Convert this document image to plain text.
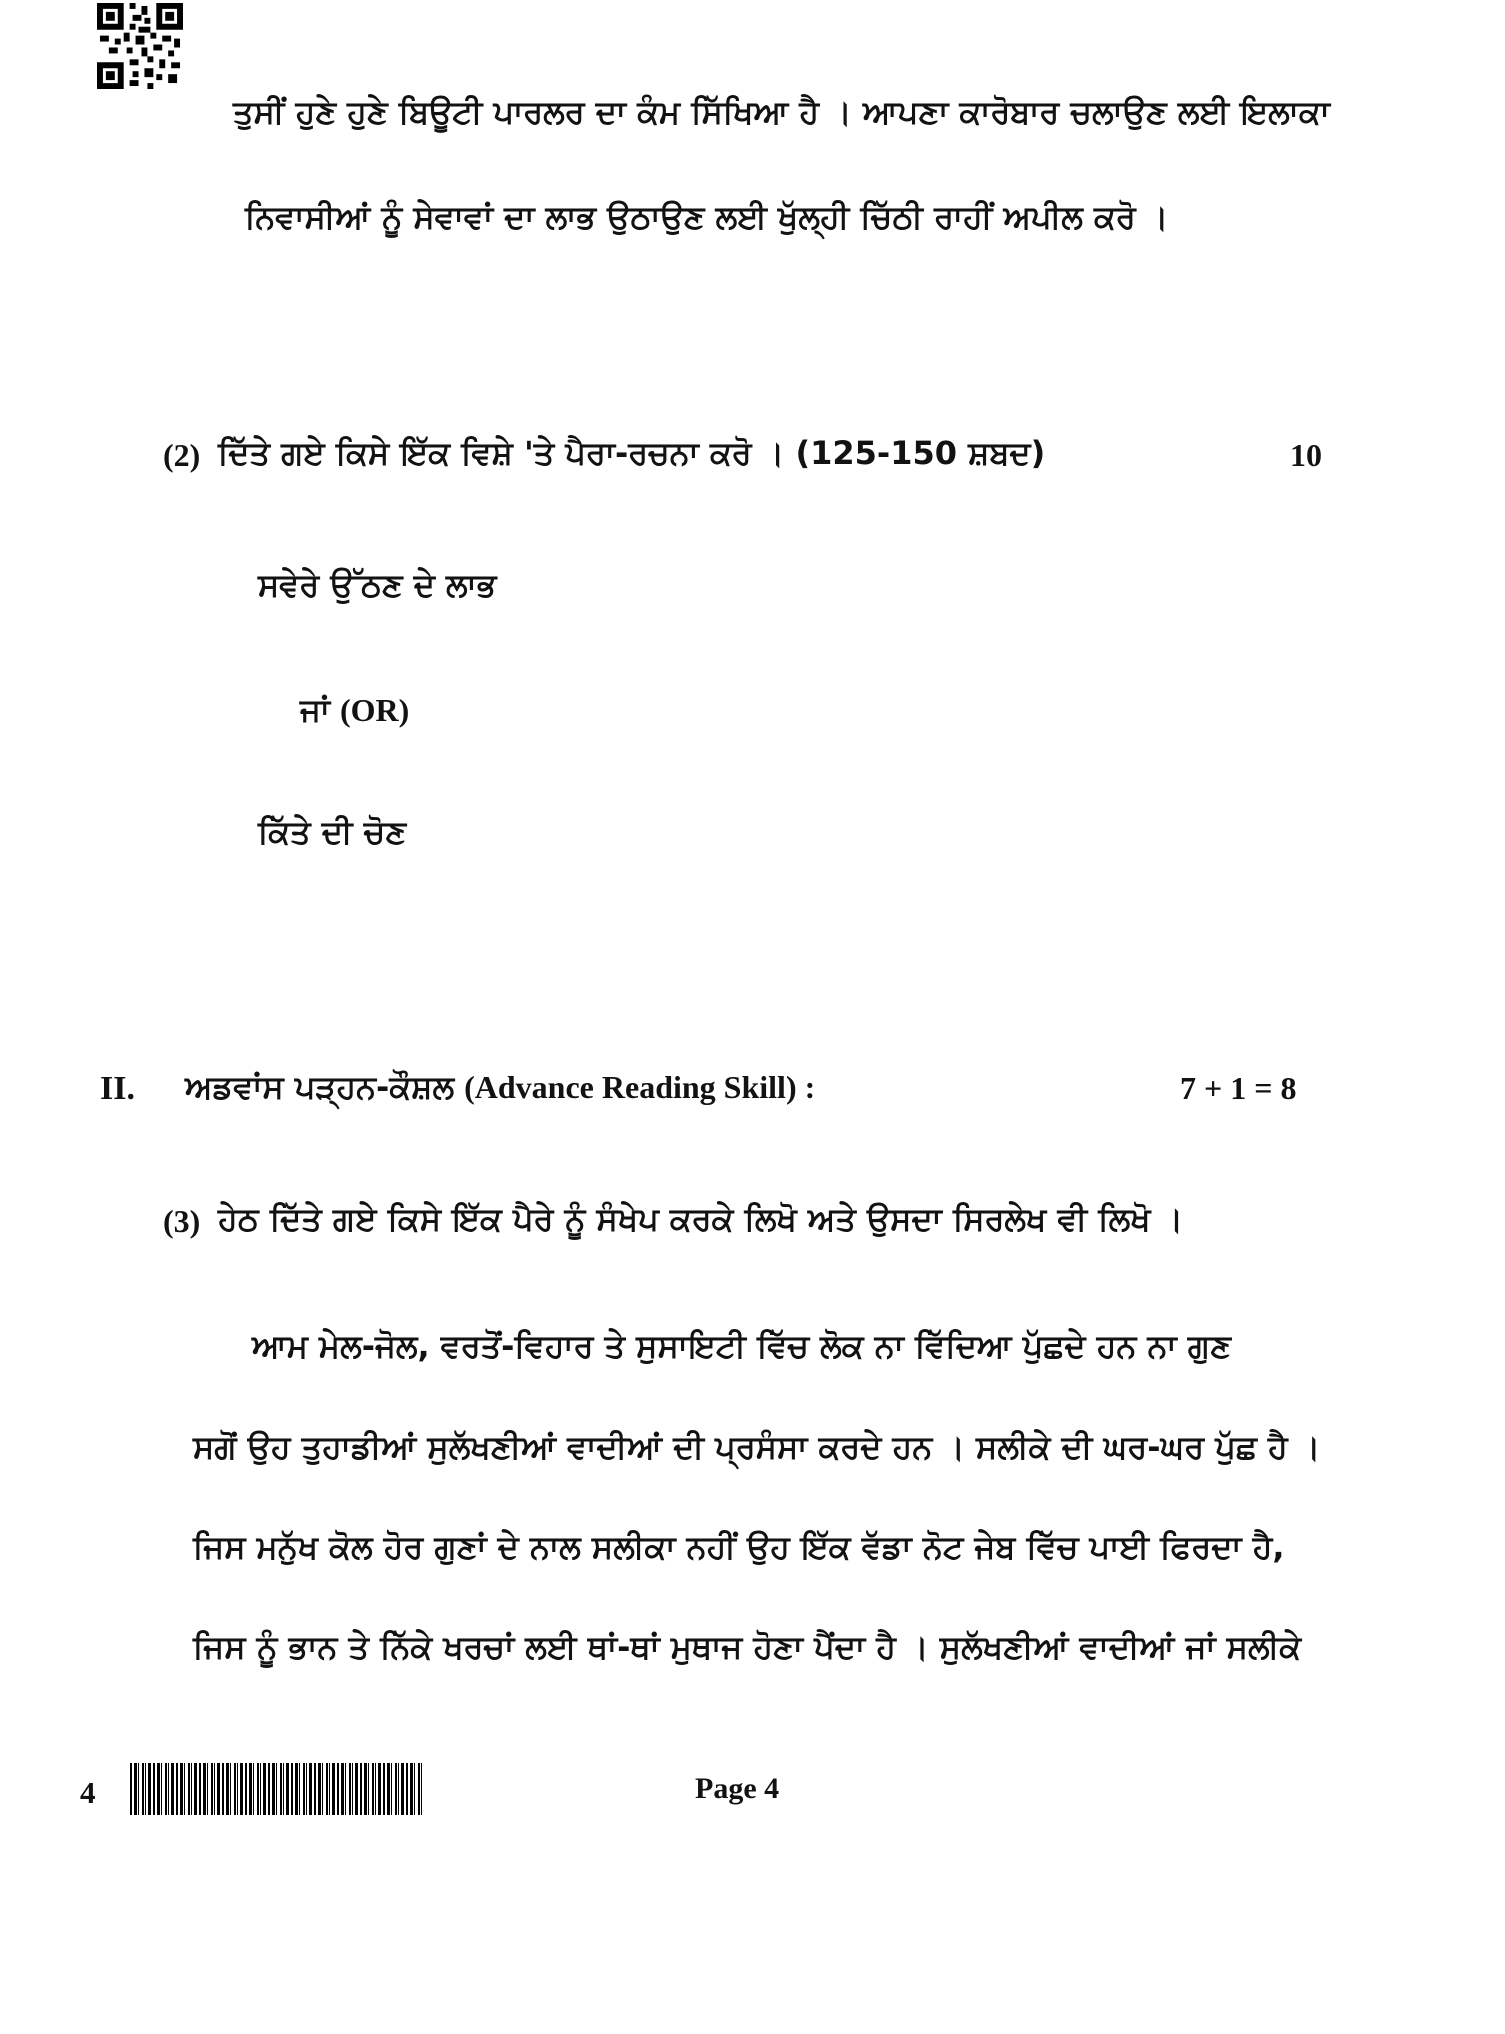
ਤੁਸੀਂ ਹੁਣੇ ਹੁਣੇ ਬਿਊਟੀ ਪਾਰਲਰ ਦਾ ਕੰਮ ਸਿੱਖਿਆ ਹੈ । ਆਪਣਾ ਕਾਰੋਬਾਰ ਚਲਾਉਣ ਲਈ ਇਲਾਕਾ
ਨਿਵਾਸੀਆਂ ਨੂੰ ਸੇਵਾਵਾਂ ਦਾ ਲਾਭ ਉਠਾਉਣ ਲਈ ਖੁੱਲ੍ਹੀ ਚਿੱਠੀ ਰਾਹੀਂ ਅਪੀਲ ਕਰੋ ।
(2) ਦਿੱਤੇ ਗਏ ਕਿਸੇ ਇੱਕ ਵਿਸ਼ੇ 'ਤੇ ਪੈਰਾ-ਰਚਨਾ ਕਰੋ । (125-150 ਸ਼ਬਦ)	10
ਸਵੇਰੇ ਉੱਠਣ ਦੇ ਲਾਭ
ਜਾਂ (OR)
ਕਿੱਤੇ ਦੀ ਚੋਣ
II. ਅਡਵਾਂਸ ਪੜ੍ਹਨ-ਕੌਸ਼ਲ (Advance Reading Skill) :	7 + 1 = 8
(3) ਹੇਠ ਦਿੱਤੇ ਗਏ ਕਿਸੇ ਇੱਕ ਪੈਰੇ ਨੂੰ ਸੰਖੇਪ ਕਰਕੇ ਲਿਖੋ ਅਤੇ ਉਸਦਾ ਸਿਰਲੇਖ ਵੀ ਲਿਖੋ ।
ਆਮ ਮੇਲ-ਜੋਲ, ਵਰਤੋਂ-ਵਿਹਾਰ ਤੇ ਸੁਸਾਇਟੀ ਵਿੱਚ ਲੋਕ ਨਾ ਵਿੱਦਿਆ ਪੁੱਛਦੇ ਹਨ ਨਾ ਗੁਣ
ਸਗੋਂ ਉਹ ਤੁਹਾਡੀਆਂ ਸੁਲੱਖਣੀਆਂ ਵਾਦੀਆਂ ਦੀ ਪ੍ਰਸੰਸਾ ਕਰਦੇ ਹਨ । ਸਲੀਕੇ ਦੀ ਘਰ-ਘਰ ਪੁੱਛ ਹੈ ।
ਜਿਸ ਮਨੁੱਖ ਕੋਲ ਹੋਰ ਗੁਣਾਂ ਦੇ ਨਾਲ ਸਲੀਕਾ ਨਹੀਂ ਉਹ ਇੱਕ ਵੱਡਾ ਨੋਟ ਜੇਬ ਵਿੱਚ ਪਾਈ ਫਿਰਦਾ ਹੈ,
ਜਿਸ ਨੂੰ ਭਾਨ ਤੇ ਨਿੱਕੇ ਖਰਚਾਂ ਲਈ ਥਾਂ-ਥਾਂ ਮੁਥਾਜ ਹੋਣਾ ਪੈਂਦਾ ਹੈ । ਸੁਲੱਖਣੀਆਂ ਵਾਦੀਆਂ ਜਾਂ ਸਲੀਕੇ
4	Page 4
